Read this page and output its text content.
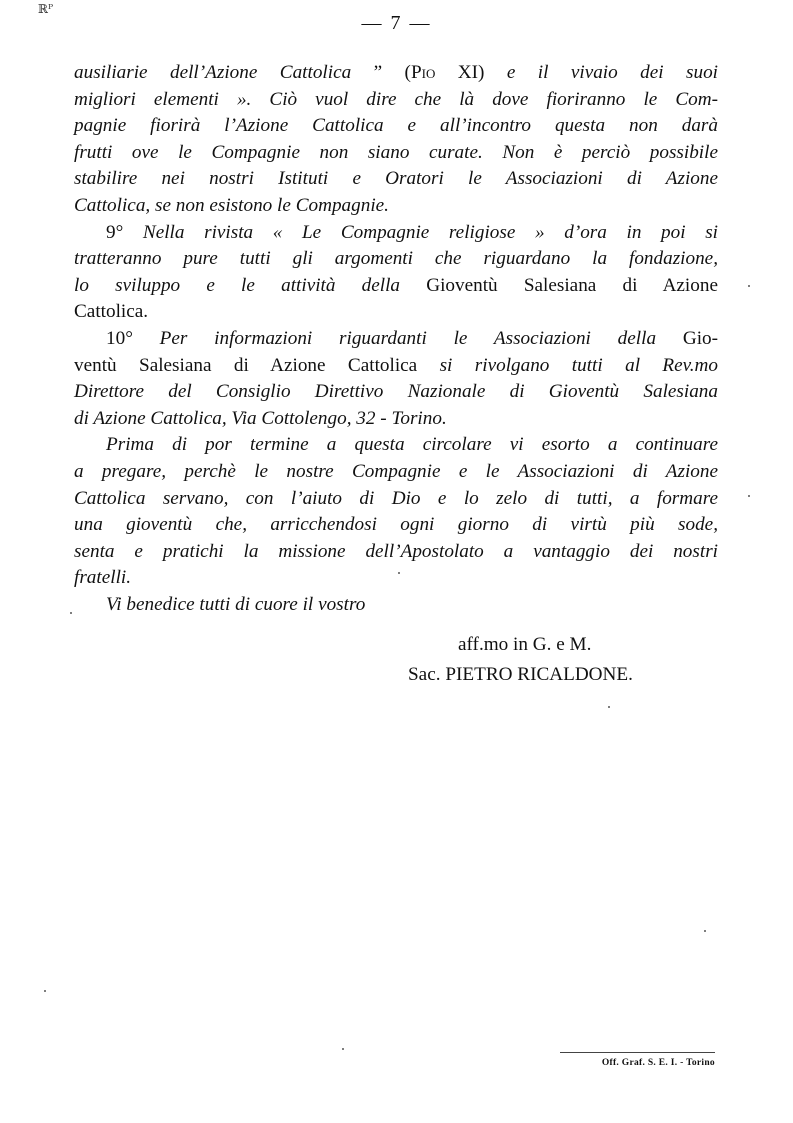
ℝᴾ
— 7 —
ausiliarie dell’Azione Cattolica ” (Pio XI) e il vivaio dei suoi
migliori elementi ». Ciò vuol dire che là dove fioriranno le Com-
pagnie fiorirà l’Azione Cattolica e all’incontro questa non darà
frutti ove le Compagnie non siano curate. Non è perciò possibile
stabilire nei nostri Istituti e Oratori le Associazioni di Azione
Cattolica, se non esistono le Compagnie.
9° Nella rivista « Le Compagnie religiose » d’ora in poi si
tratteranno pure tutti gli argomenti che riguardano la fondazione,
lo sviluppo e le attività della Gioventù Salesiana di Azione
Cattolica.
10° Per informazioni riguardanti le Associazioni della Gio-
ventù Salesiana di Azione Cattolica si rivolgano tutti al Rev.mo
Direttore del Consiglio Direttivo Nazionale di Gioventù Salesiana
di Azione Cattolica, Via Cottolengo, 32 - Torino.
Prima di por termine a questa circolare vi esorto a continuare
a pregare, perchè le nostre Compagnie e le Associazioni di Azione
Cattolica servano, con l’aiuto di Dio e lo zelo di tutti, a formare
una gioventù che, arricchendosi ogni giorno di virtù più sode,
senta e pratichi la missione dell’Apostolato a vantaggio dei nostri
fratelli.
Vi benedice tutti di cuore il vostro
aff.mo in G. e M.
Sac. PIETRO RICALDONE.
Off. Graf. S. E. I. - Torino
